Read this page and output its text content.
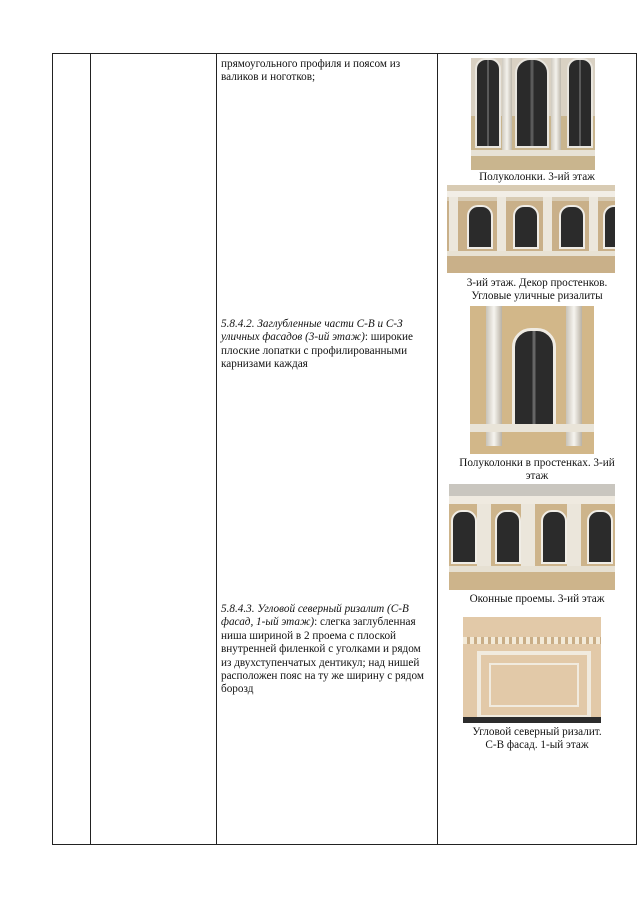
прямоугольного профиля и поясом из валиков и ноготков;
5.8.4.2. Заглубленные части С-В и С-З уличных фасадов (3-ий этаж): широкие плоские лопатки с профилированными карнизами каждая
5.8.4.3. Угловой северный ризалит (С-В фасад, 1-ый этаж): слегка заглубленная ниша шириной в 2 проема с плоской внутренней филенкой с уголками и рядом из двухступенчатых дентикул; над нишей расположен пояс на ту же ширину с рядом борозд
Полуколонки. 3-ий этаж
3-ий этаж. Декор простенков.
Угловые уличные ризалиты
Полуколонки в простенках. 3-ий
этаж
Оконные проемы. 3-ий этаж
Угловой северный ризалит.
С-В фасад. 1-ый этаж
